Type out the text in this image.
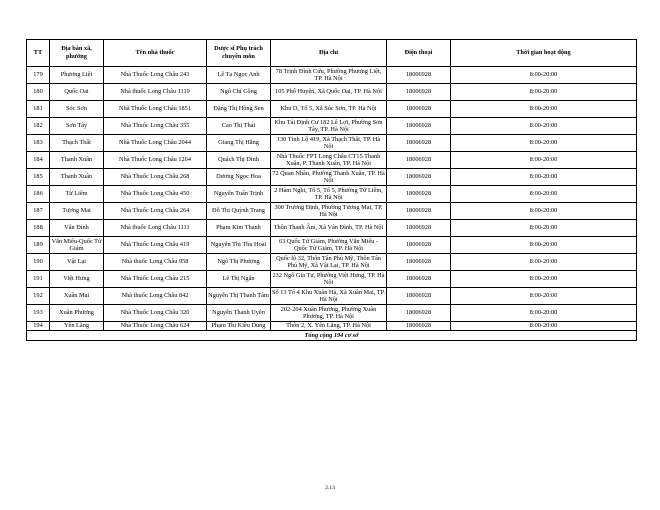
TT	Địa bàn xã, phường	Tên nhà thuốc	Dược sĩ Phụ trách chuyên môn	Địa chỉ	Điện thoại	Thời gian hoạt động
179	Phương Liệt	Nhà Thuốc Long Châu 243	Lê Tạ Ngọc Anh	78 Trịnh Đình Cửu, Phường Phương Liệt, TP. Hà Nội	18006928	8:00-20:00
180	Quốc Oai	Nhà thuốc Long Châu 1119	Ngô Chí Công	105 Phố Huyện, Xã Quốc Oai, TP. Hà Nội	18006928	8:00-20:00
181	Sóc Sơn	Nhà Thuốc Long Châu 1851	Đặng Thị Hồng Sen	Khu D, Tổ 5, Xã Sóc Sơn, TP. Hà Nội	18006928	8:00-20:00
182	Sơn Tây	Nhà Thuốc Long Châu 355	Cao Thị Thái	Khu Tái Định Cư 182 Lê Lợi, Phường Sơn Tây, TP. Hà Nội	18006928	8:00-20:00
183	Thạch Thất	Nhà Thuốc Long Châu 2044	Giang Thị Hằng	130 Tỉnh Lộ 419, Xã Thạch Thất, TP. Hà Nội	18006928	8:00-20:00
184	Thanh Xuân	Nhà Thuốc Long Châu 1264	Quách Thị Dinh	Nhà Thuốc FPT Long Châu CT15 Thanh Xuân, P. Thanh Xuân, TP. Hà Nội	18006928	8:00-20:00
185	Thanh Xuân	Nhà Thuốc Long Châu 268	Dương Ngọc Hoa	72 Quan Nhân, Phường Thanh Xuân, TP. Hà Nội	18006928	8:00-20:00
186	Từ Liêm	Nhà Thuốc Long Châu 450	Nguyễn Tuấn Trịnh	2 Hàm Nghi, Tổ 5, Tổ 5, Phường Từ Liêm, TP. Hà Nội	18006928	8:00-20:00
187	Tương Mai	Nhà Thuốc Long Châu 264	Đỗ Thị Quỳnh Trang	300 Trương Định, Phường Tương Mai, TP. Hà Nội	18006928	8:00-20:00
188	Vân Đình	Nhà thuốc Long Châu 1111	Phạm Kim Thanh	Thôn Thanh Âm, Xã Vân Đình, TP. Hà Nội	18006928	8:00-20:00
189	Văn Miếu-Quốc Tử Giám	Nhà Thuốc Long Châu 419	Nguyễn Thị Thu Hoài	63 Quốc Tử Giám, Phường Văn Miếu - Quốc Tử Giám, TP. Hà Nội	18006928	8:00-20:00
190	Vật Lại	Nhà thuốc Long Châu 958	Ngô Thị Phượng	Quốc lộ 32, Thôn Tân Phú Mỹ, Thôn Tân Phú Mỹ, Xã Vật Lại, TP. Hà Nội	18006928	8:00-20:00
191	Việt Hưng	Nhà Thuốc Long Châu 215	Lê Thị Ngân	232 Ngô Gia Tự, Phường Việt Hưng, TP. Hà Nội	18006928	8:00-20:00
192	Xuân Mai	Nhà thuốc Long Châu 842	Nguyễn Thị Thanh Tâm	Số 13 Tổ 4 Khu Xuân Hà, Xã Xuân Mai, TP. Hà Nội	18006928	8:00-20:00
193	Xuân Phương	Nhà Thuốc Long Châu 320	Nguyễn Thanh Uyên	202-204 Xuân Phương, Phường Xuân Phương, TP. Hà Nội	18006928	8:00-20:00
194	Yên Lãng	Nhà Thuốc Long Châu 624	Phạm Thị Kiều Dung	Thôn 2, X. Yên Lãng, TP. Hà Nội	18006928	8:00-20:00
Tổng cộng 194 cơ sở						
2.13
